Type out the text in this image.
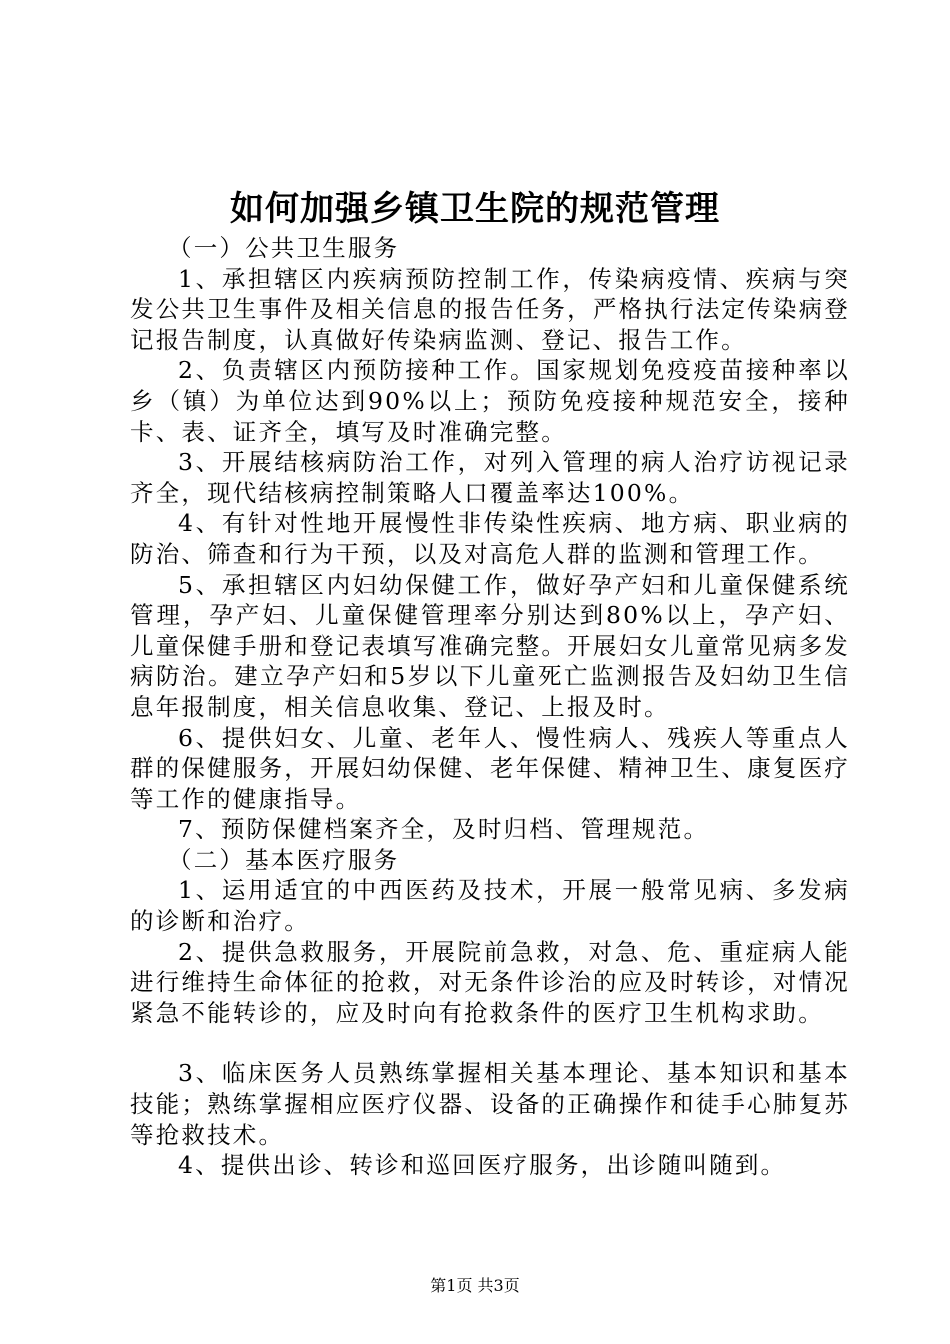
如何加强乡镇卫生院的规范管理

（一）公共卫生服务

1、承担辖区内疾病预防控制工作，传染病疫情、疾病与突发公共卫生事件及相关信息的报告任务，严格执行法定传染病登记报告制度，认真做好传染病监测、登记、报告工作。

2、负责辖区内预防接种工作。国家规划免疫疫苗接种率以乡（镇）为单位达到90%以上；预防免疫接种规范安全，接种卡、表、证齐全，填写及时准确完整。

3、开展结核病防治工作，对列入管理的病人治疗访视记录齐全，现代结核病控制策略人口覆盖率达100%。

4、有针对性地开展慢性非传染性疾病、地方病、职业病的防治、筛查和行为干预，以及对高危人群的监测和管理工作。

5、承担辖区内妇幼保健工作，做好孕产妇和儿童保健系统管理，孕产妇、儿童保健管理率分别达到80%以上，孕产妇、儿童保健手册和登记表填写准确完整。开展妇女儿童常见病多发病防治。建立孕产妇和5岁以下儿童死亡监测报告及妇幼卫生信息年报制度，相关信息收集、登记、上报及时。

6、提供妇女、儿童、老年人、慢性病人、残疾人等重点人群的保健服务，开展妇幼保健、老年保健、精神卫生、康复医疗等工作的健康指导。

7、预防保健档案齐全，及时归档、管理规范。

（二）基本医疗服务

1、运用适宜的中西医药及技术，开展一般常见病、多发病的诊断和治疗。

2、提供急救服务，开展院前急救，对急、危、重症病人能进行维持生命体征的抢救，对无条件诊治的应及时转诊，对情况紧急不能转诊的，应及时向有抢救条件的医疗卫生机构求助。

3、临床医务人员熟练掌握相关基本理论、基本知识和基本技能；熟练掌握相应医疗仪器、设备的正确操作和徒手心肺复苏等抢救技术。

4、提供出诊、转诊和巡回医疗服务，出诊随叫随到。

第1页 共3页
